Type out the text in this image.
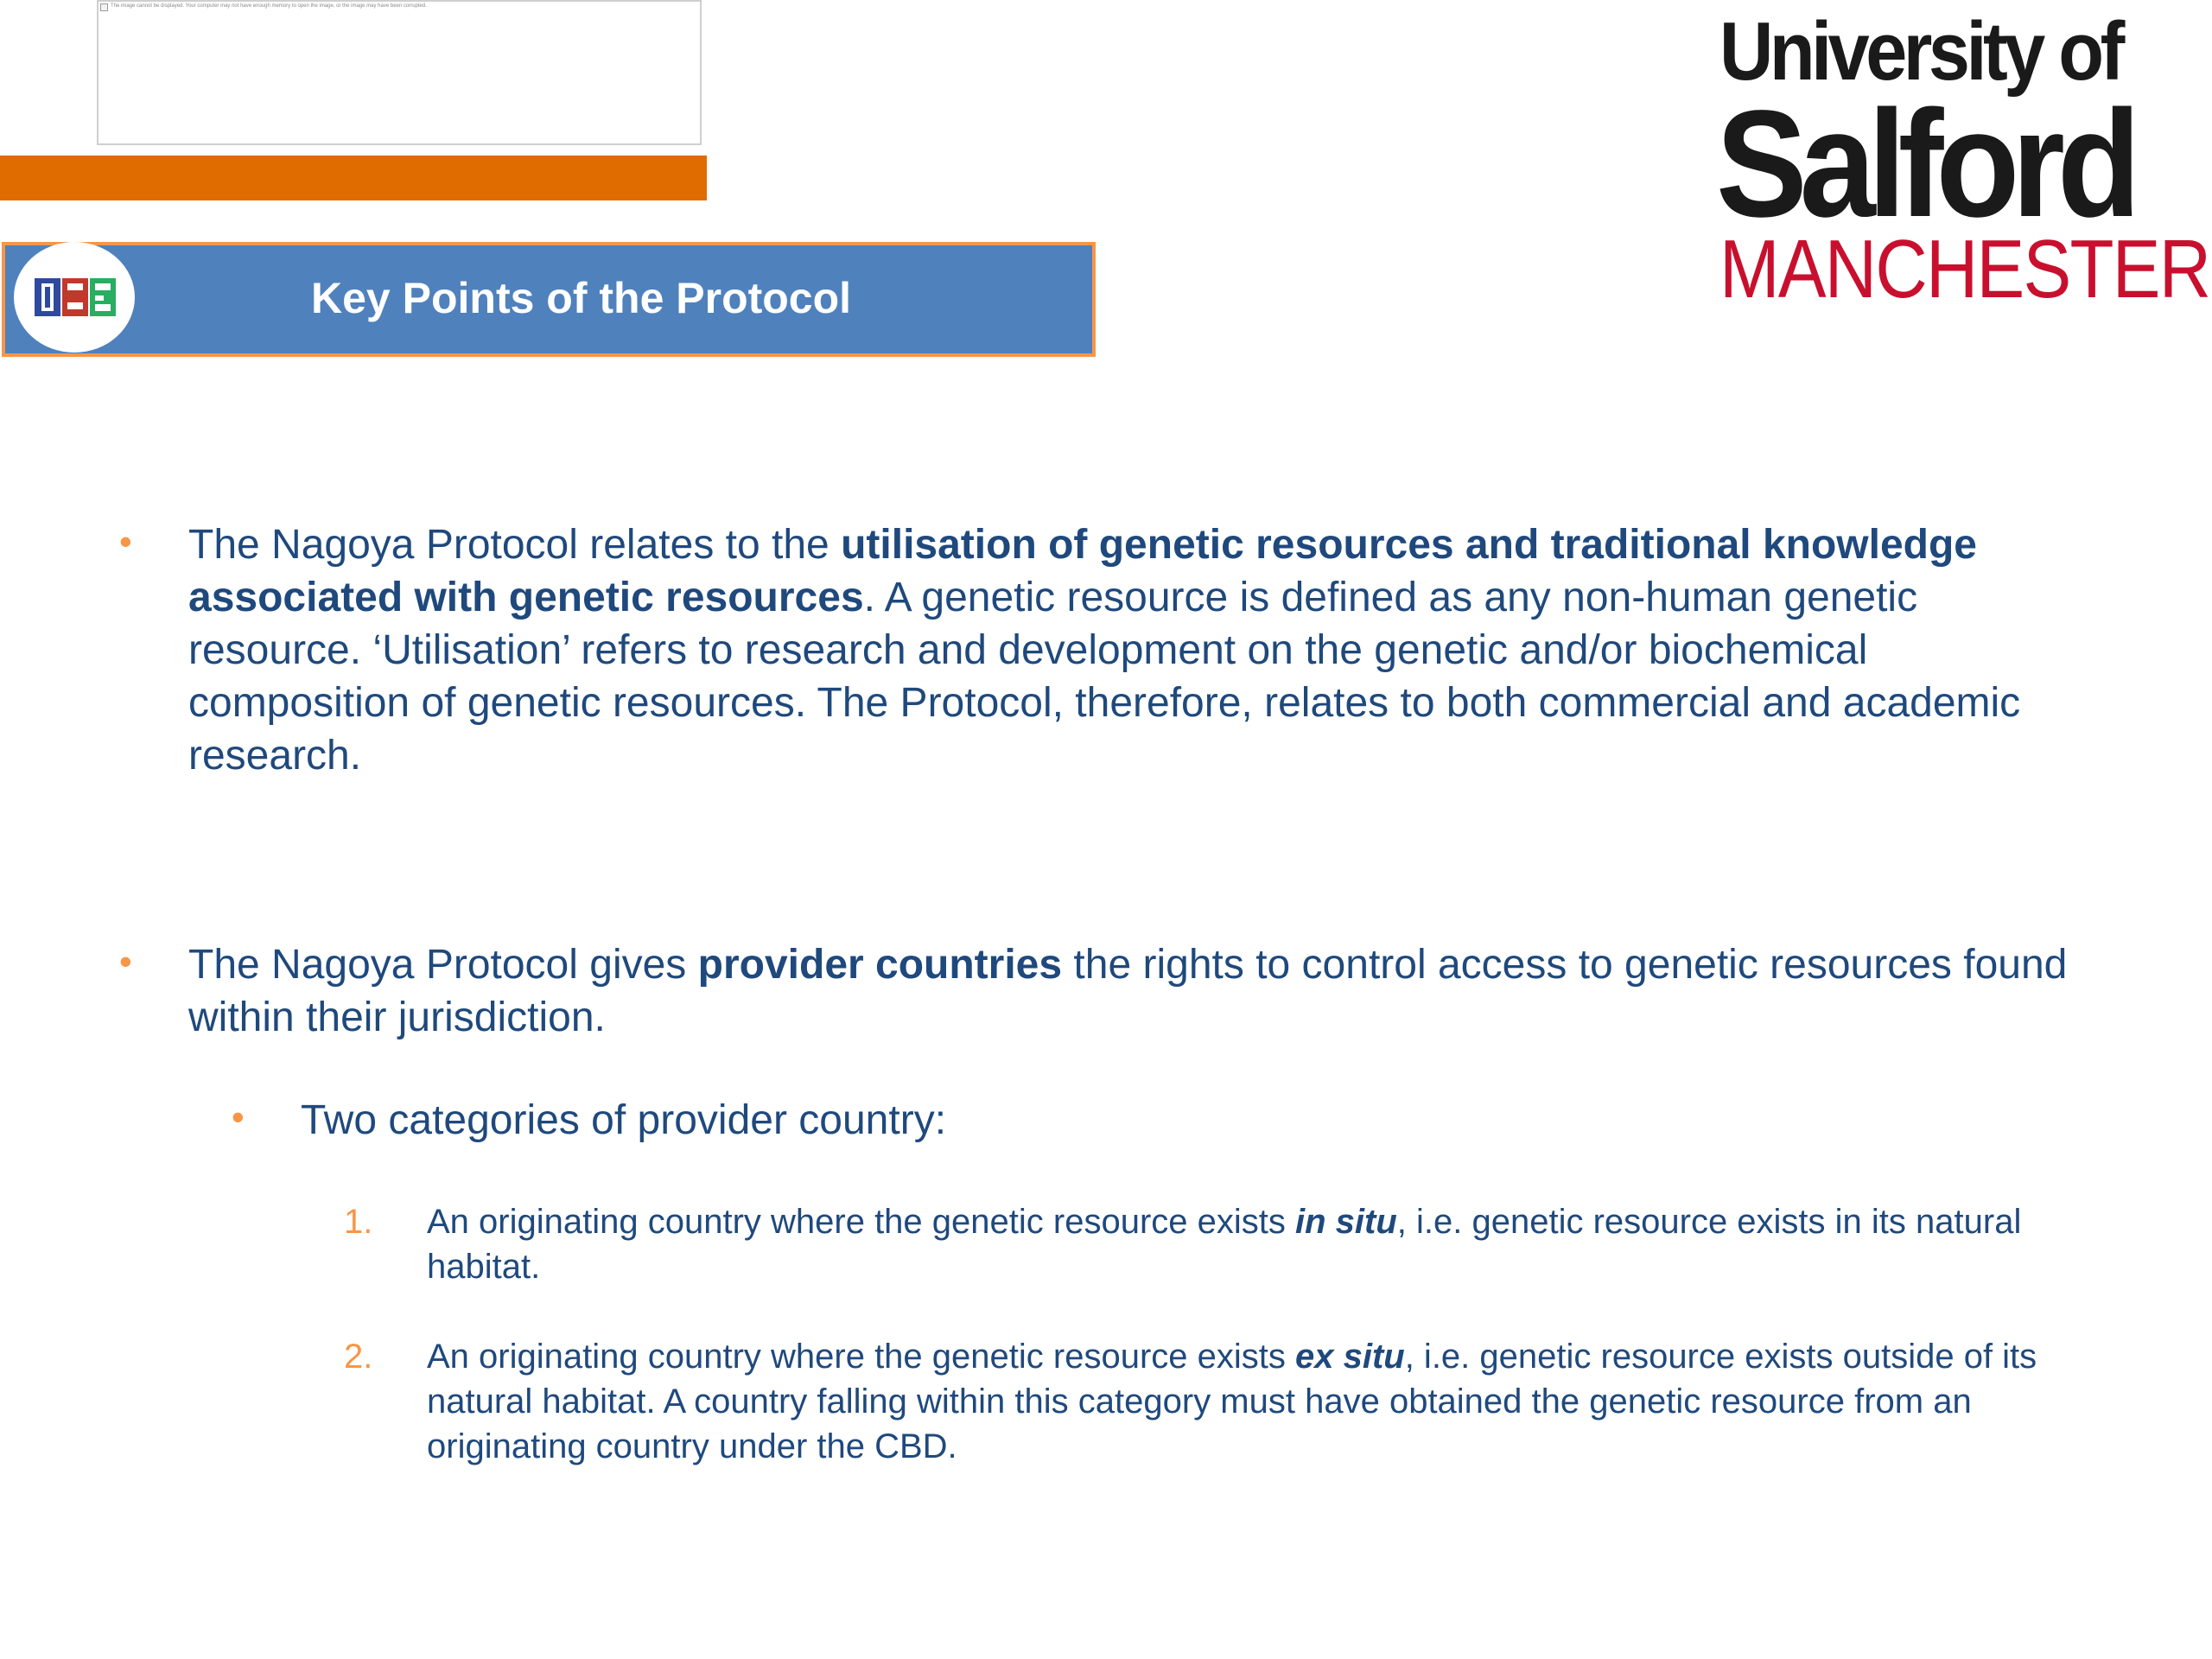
The image cannot be displayed. Your computer may not have enough memory to open the image, or the image may have been corrupted.
Key Points of the Protocol
University of
Salford
MANCHESTER
• The Nagoya Protocol relates to the utilisation of genetic resources and traditional knowledge associated with genetic resources. A genetic resource is defined as any non-human genetic resource. ‘Utilisation’ refers to research and development on the genetic and/or biochemical composition of genetic resources. The Protocol, therefore, relates to both commercial and academic research.
• The Nagoya Protocol gives provider countries the rights to control access to genetic resources found within their jurisdiction.
• Two categories of provider country:
1. An originating country where the genetic resource exists in situ, i.e. genetic resource exists in its natural habitat.
2. An originating country where the genetic resource exists ex situ, i.e. genetic resource exists outside of its natural habitat. A country falling within this category must have obtained the genetic resource from an originating country under the CBD.
